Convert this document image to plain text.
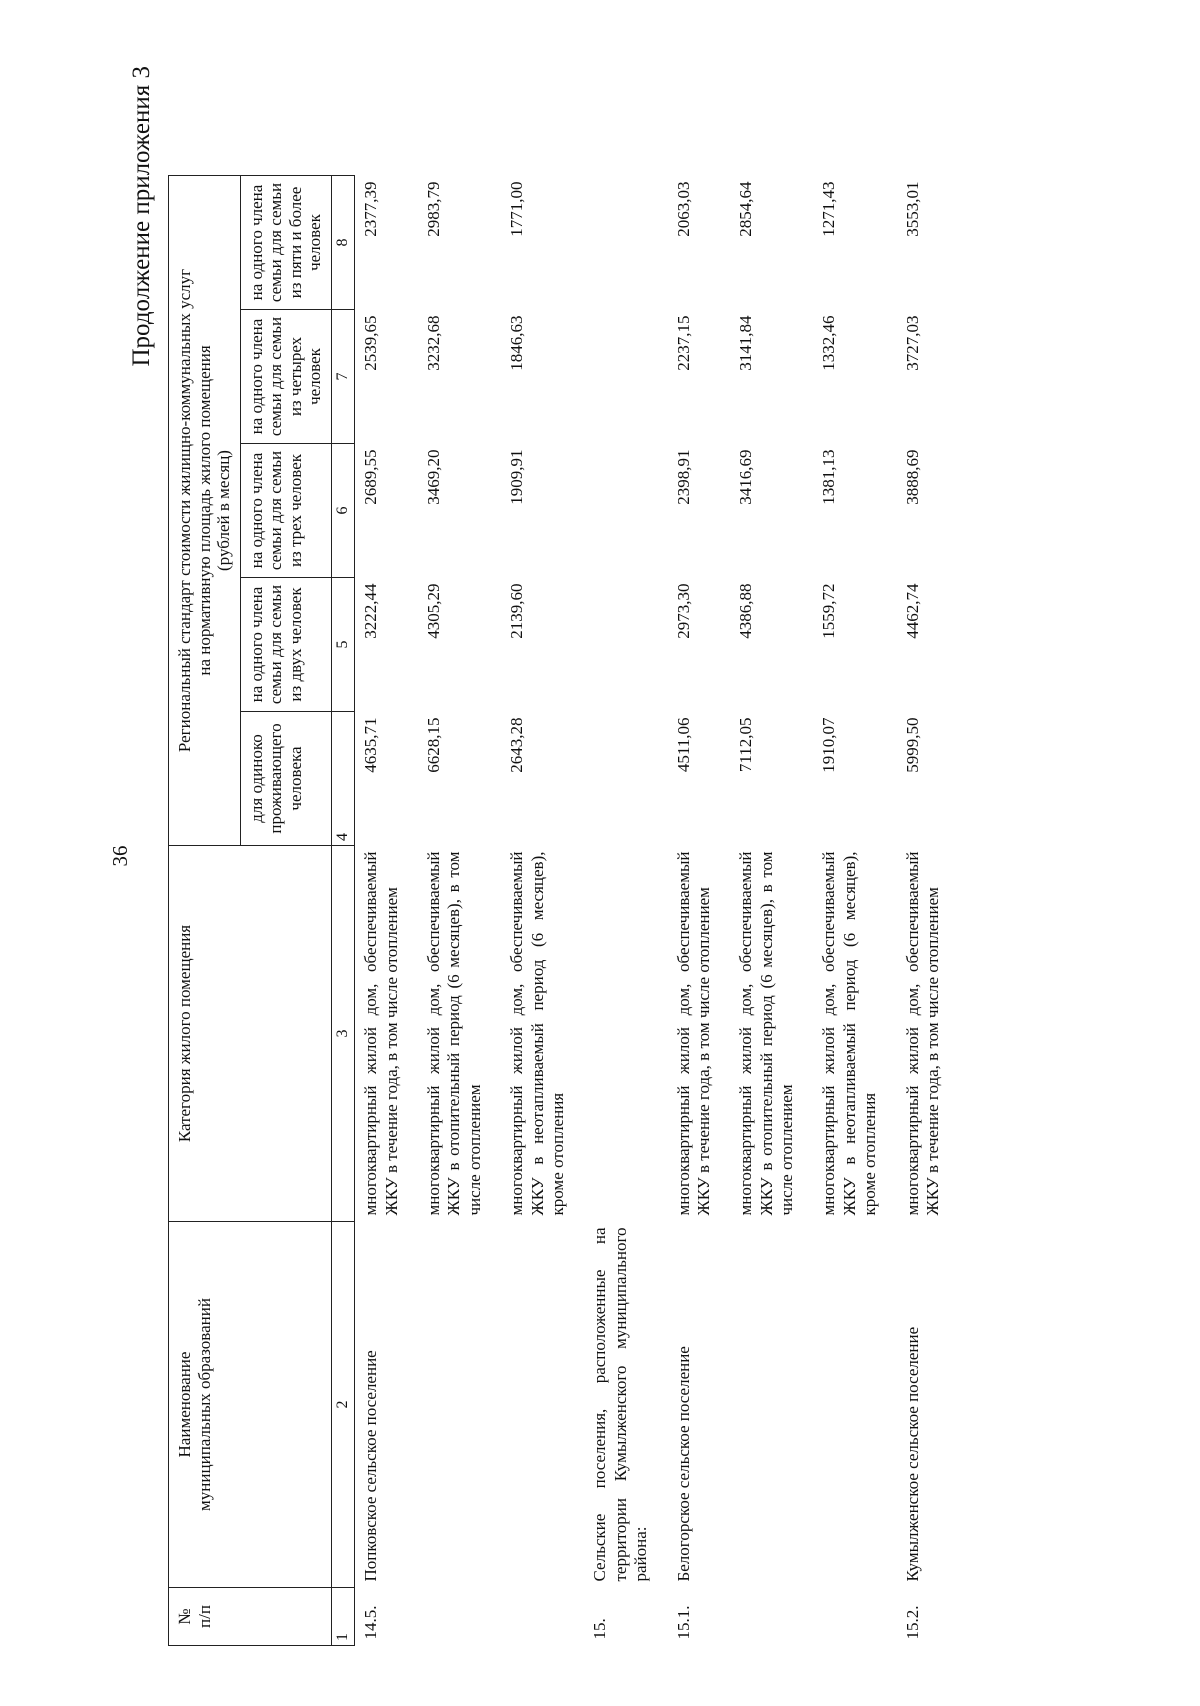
36
Продолжение приложения 3
№
п/п	Наименование
муниципальных образований	Категория жилого помещения	Региональный стандарт стоимости жилищно-коммунальных услуг
на нормативную площадь жилого помещения
(рублей в месяц)				
			для одиноко
проживающего
человека	на одного члена
семьи для семьи
из двух человек	на одного члена
семьи для семьи
из трех человек	на одного члена
семьи для семьи
из четырех
человек	на одного члена
семьи для семьи
из пяти и более
человек
1	2	3	4	5	6	7	8
14.5.	Попковское сельское поселение	многоквартирный жилой дом, обеспечиваемый ЖКУ в течение года, в том числе отоплением	4635,71	3222,44	2689,55	2539,65	2377,39
		многоквартирный жилой дом, обеспечиваемый ЖКУ в отопительный период (6 месяцев), в том числе отоплением	6628,15	4305,29	3469,20	3232,68	2983,79
		многоквартирный жилой дом, обеспечиваемый ЖКУ в неотапливаемый период (6 месяцев), кроме отопления	2643,28	2139,60	1909,91	1846,63	1771,00
15.	Сельские поселения, расположенные на территории Кумылженского муниципального района:						
15.1.	Белогорское сельское поселение	многоквартирный жилой дом, обеспечиваемый ЖКУ в течение года, в том числе отоплением	4511,06	2973,30	2398,91	2237,15	2063,03
		многоквартирный жилой дом, обеспечиваемый ЖКУ в отопительный период (6 месяцев), в том числе отоплением	7112,05	4386,88	3416,69	3141,84	2854,64
		многоквартирный жилой дом, обеспечиваемый ЖКУ в неотапливаемый период (6 месяцев), кроме отопления	1910,07	1559,72	1381,13	1332,46	1271,43
15.2.	Кумылженское сельское поселение	многоквартирный жилой дом, обеспечиваемый ЖКУ в течение года, в том числе отоплением	5999,50	4462,74	3888,69	3727,03	3553,01
